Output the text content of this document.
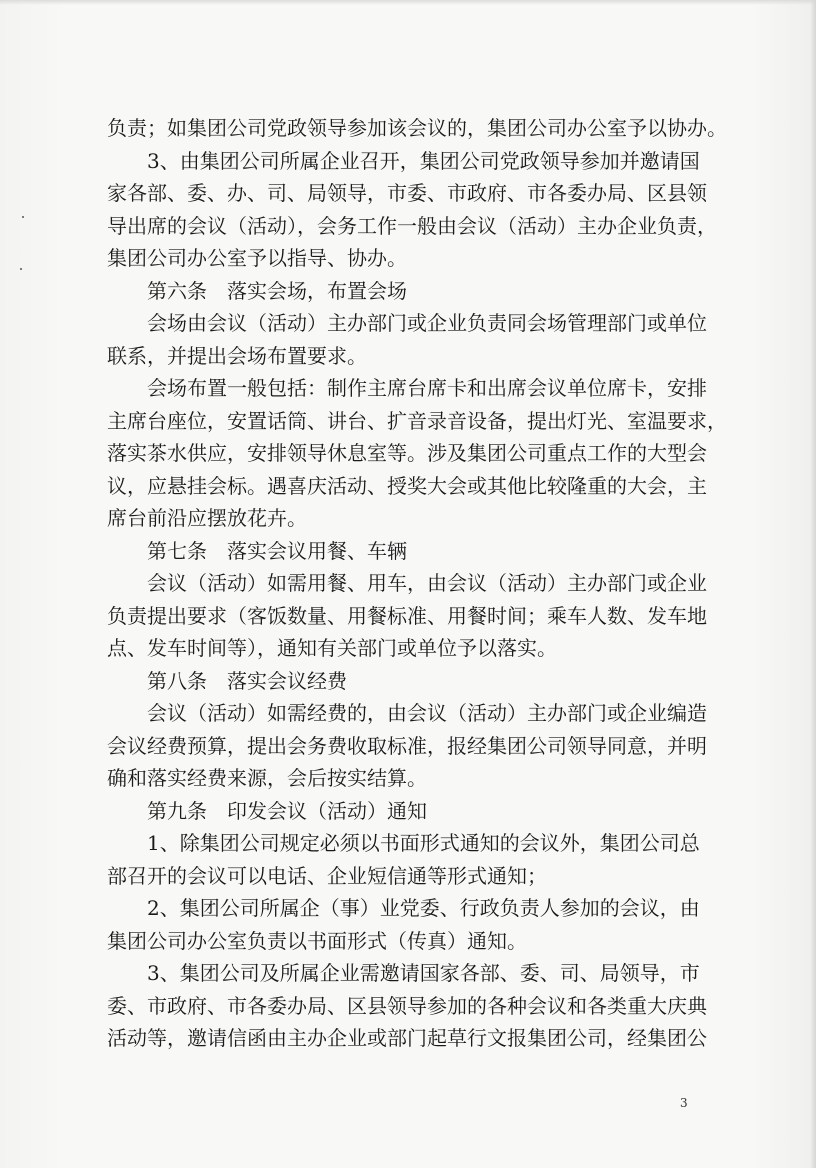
负责；如集团公司党政领导参加该会议的，集团公司办公室予以协办。
3、由集团公司所属企业召开，集团公司党政领导参加并邀请国
家各部、委、办、司、局领导，市委、市政府、市各委办局、区县领
导出席的会议（活动），会务工作一般由会议（活动）主办企业负责，
集团公司办公室予以指导、协办。
第六条 落实会场，布置会场
会场由会议（活动）主办部门或企业负责同会场管理部门或单位
联系，并提出会场布置要求。
会场布置一般包括：制作主席台席卡和出席会议单位席卡，安排
主席台座位，安置话筒、讲台、扩音录音设备，提出灯光、室温要求，
落实茶水供应，安排领导休息室等。涉及集团公司重点工作的大型会
议，应悬挂会标。遇喜庆活动、授奖大会或其他比较隆重的大会，主
席台前沿应摆放花卉。
第七条 落实会议用餐、车辆
会议（活动）如需用餐、用车，由会议（活动）主办部门或企业
负责提出要求（客饭数量、用餐标准、用餐时间；乘车人数、发车地
点、发车时间等），通知有关部门或单位予以落实。
第八条 落实会议经费
会议（活动）如需经费的，由会议（活动）主办部门或企业编造
会议经费预算，提出会务费收取标准，报经集团公司领导同意，并明
确和落实经费来源，会后按实结算。
第九条 印发会议（活动）通知
1、除集团公司规定必须以书面形式通知的会议外，集团公司总
部召开的会议可以电话、企业短信通等形式通知；
2、集团公司所属企（事）业党委、行政负责人参加的会议，由
集团公司办公室负责以书面形式（传真）通知。
3、集团公司及所属企业需邀请国家各部、委、司、局领导，市
委、市政府、市各委办局、区县领导参加的各种会议和各类重大庆典
活动等，邀请信函由主办企业或部门起草行文报集团公司，经集团公
3
